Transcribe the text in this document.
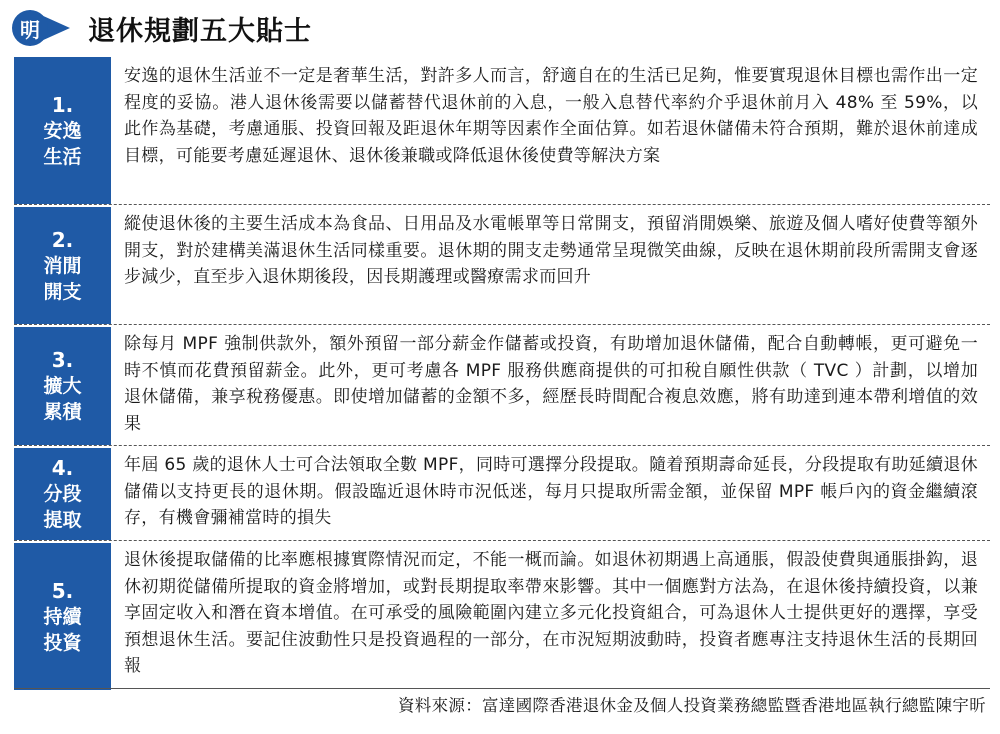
明 退休規劃五大貼士
1.
安逸
生活
安逸的退休生活並不一定是奢華生活，對許多人而言，舒適自在的生活已足夠，惟要實現退休目標也需作出一定程度的妥協。港人退休後需要以儲蓄替代退休前的入息，一般入息替代率約介乎退休前月入 48% 至 59%，以此作為基礎，考慮通脹、投資回報及距退休年期等因素作全面估算。如若退休儲備未符合預期，難於退休前達成目標，可能要考慮延遲退休、退休後兼職或降低退休後使費等解決方案
2.
消閒
開支
縱使退休後的主要生活成本為食品、日用品及水電帳單等日常開支，預留消閒娛樂、旅遊及個人嗜好使費等額外開支，對於建構美滿退休生活同樣重要。退休期的開支走勢通常呈現微笑曲線，反映在退休期前段所需開支會逐步減少，直至步入退休期後段，因長期護理或醫療需求而回升
3.
擴大
累積
除每月 MPF 強制供款外，額外預留一部分薪金作儲蓄或投資，有助增加退休儲備，配合自動轉帳，更可避免一時不慎而花費預留薪金。此外，更可考慮各 MPF 服務供應商提供的可扣稅自願性供款（ TVC ）計劃，以增加退休儲備，兼享稅務優惠。即使增加儲蓄的金額不多，經歷長時間配合複息效應，將有助達到連本帶利增值的效果
4.
分段
提取
年屆 65 歲的退休人士可合法領取全數 MPF，同時可選擇分段提取。隨着預期壽命延長，分段提取有助延續退休儲備以支持更長的退休期。假設臨近退休時市況低迷，每月只提取所需金額，並保留 MPF 帳戶內的資金繼續滾存，有機會彌補當時的損失
5.
持續
投資
退休後提取儲備的比率應根據實際情況而定，不能一概而論。如退休初期遇上高通脹，假設使費與通脹掛鈎，退休初期從儲備所提取的資金將增加，或對長期提取率帶來影響。其中一個應對方法為，在退休後持續投資，以兼享固定收入和潛在資本增值。在可承受的風險範圍內建立多元化投資組合，可為退休人士提供更好的選擇，享受預想退休生活。要記住波動性只是投資過程的一部分，在市況短期波動時，投資者應專注支持退休生活的長期回報
資料來源：富達國際香港退休金及個人投資業務總監暨香港地區執行總監陳宇昕
